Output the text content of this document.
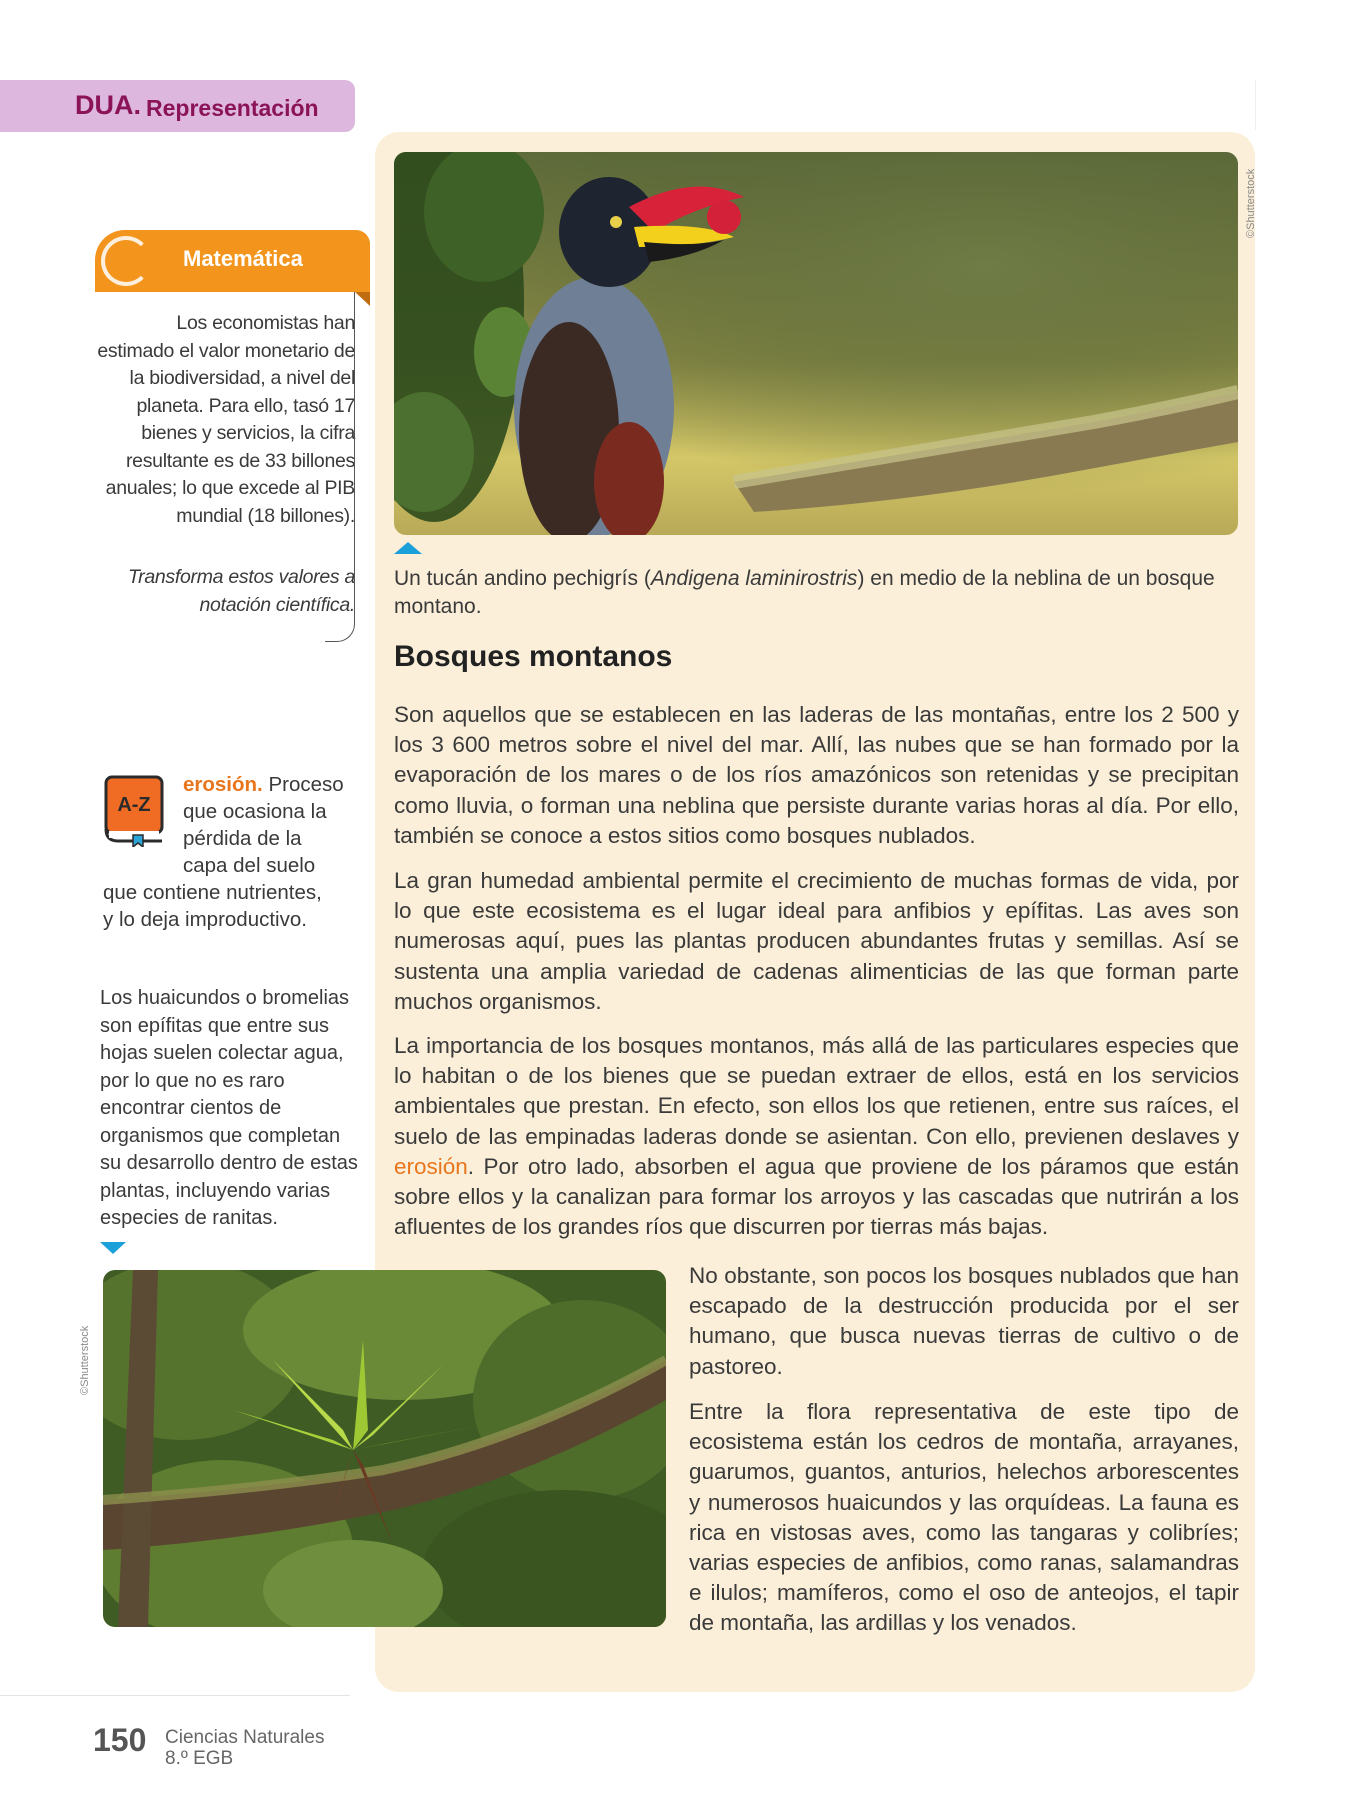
DUA. Representación
©Shutterstock

Un tucán andino pechigrís (Andigena laminirostris) en medio de la neblina de un bosque montano.

Bosques montanos

Son aquellos que se establecen en las laderas de las montañas, entre los 2 500 y los 3 600 metros sobre el nivel del mar. Allí, las nubes que se han formado por la evaporación de los mares o de los ríos amazónicos son retenidas y se precipitan como lluvia, o forman una neblina que persiste durante varias horas al día. Por ello, también se conoce a estos sitios como bosques nublados.

La gran humedad ambiental permite el crecimiento de muchas formas de vida, por lo que este ecosistema es el lugar ideal para anfibios y epífitas. Las aves son numerosas aquí, pues las plantas producen abundantes frutas y semillas. Así se sustenta una amplia variedad de cadenas alimenticias de las que forman parte muchos organismos.

La importancia de los bosques montanos, más allá de las particulares especies que lo habitan o de los bienes que se puedan extraer de ellos, está en los servicios ambientales que prestan. En efecto, son ellos los que retienen, entre sus raíces, el suelo de las empinadas laderas donde se asientan. Con ello, previenen deslaves y erosión. Por otro lado, absorben el agua que proviene de los páramos que están sobre ellos y la canalizan para formar los arroyos y las cascadas que nutrirán a los afluentes de los grandes ríos que discurren por tierras más bajas.

No obstante, son pocos los bosques nublados que han escapado de la destrucción producida por el ser humano, que busca nuevas tierras de cultivo o de pastoreo.

Entre la flora representativa de este tipo de ecosistema están los cedros de montaña, arrayanes, guarumos, guantos, anturios, helechos arborescentes y numerosos huaicundos y las orquídeas. La fauna es rica en vistosas aves, como las tangaras y colibríes; varias especies de anfibios, como ranas, salamandras e ilulos; mamíferos, como el oso de anteojos, el tapir de montaña, las ardillas y los venados.

©Shutterstock
Matemática

Los economistas han estimado el valor monetario de la biodiversidad, a nivel del planeta. Para ello, tasó 17 bienes y servicios, la cifra resultante es de 33 billones anuales; lo que excede al PIB mundial (18 billones).

Transforma estos valores a notación científica.

A-Z
erosión. Proceso
que ocasiona la
pérdida de la
capa del suelo
que contiene nutrientes,
y lo deja improductivo.

Los huaicundos o bromelias son epífitas que entre sus hojas suelen colectar agua, por lo que no es raro encontrar cientos de organismos que completan su desarrollo dentro de estas plantas, incluyendo varias especies de ranitas.

150 Ciencias Naturales
8.º EGB
